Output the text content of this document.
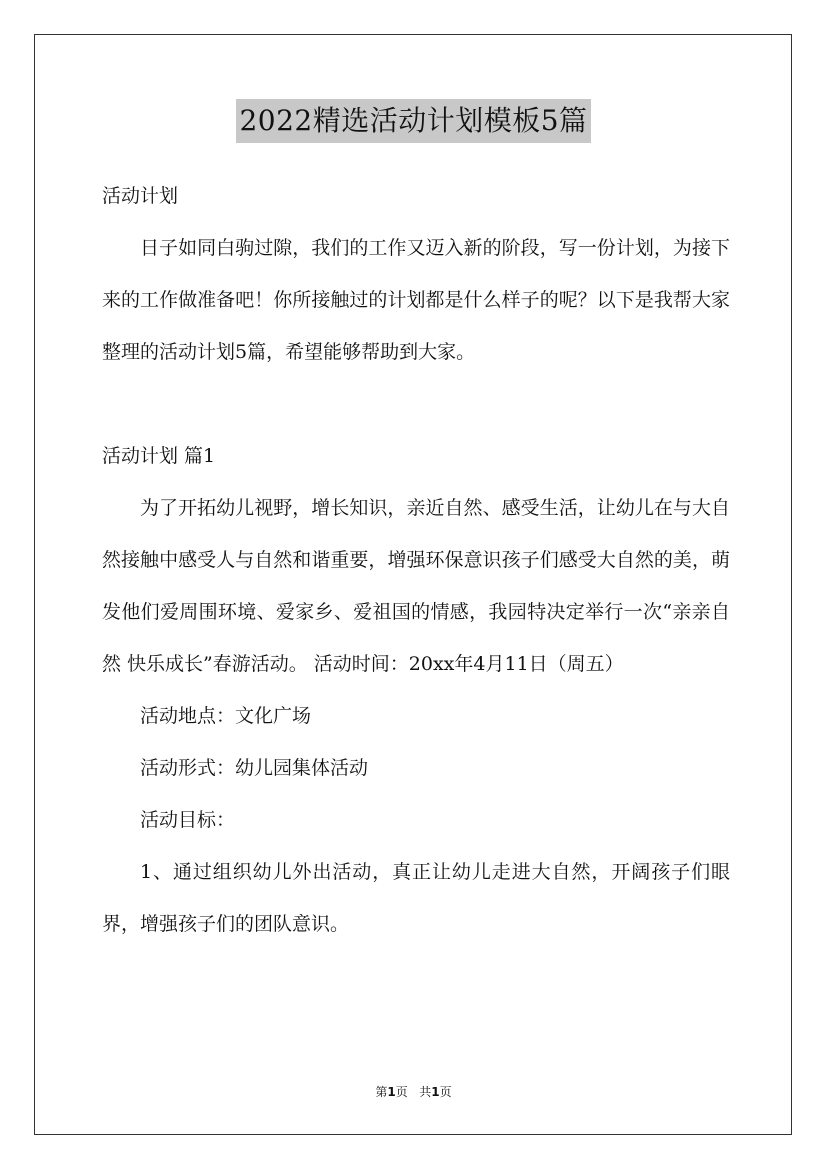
2022精选活动计划模板5篇

活动计划

日子如同白驹过隙，我们的工作又迈入新的阶段，写一份计划，为接下来的工作做准备吧！你所接触过的计划都是什么样子的呢？以下是我帮大家整理的活动计划5篇，希望能够帮助到大家。

活动计划 篇1

为了开拓幼儿视野，增长知识，亲近自然、感受生活，让幼儿在与大自然接触中感受人与自然和谐重要，增强环保意识孩子们感受大自然的美，萌发他们爱周围环境、爱家乡、爱祖国的情感，我园特决定举行一次“亲亲自然 快乐成长”春游活动。 活动时间：20xx年4月11日（周五）

活动地点：文化广场

活动形式：幼儿园集体活动

活动目标：

1、通过组织幼儿外出活动，真正让幼儿走进大自然，开阔孩子们眼界，增强孩子们的团队意识。

第1页 共1页
